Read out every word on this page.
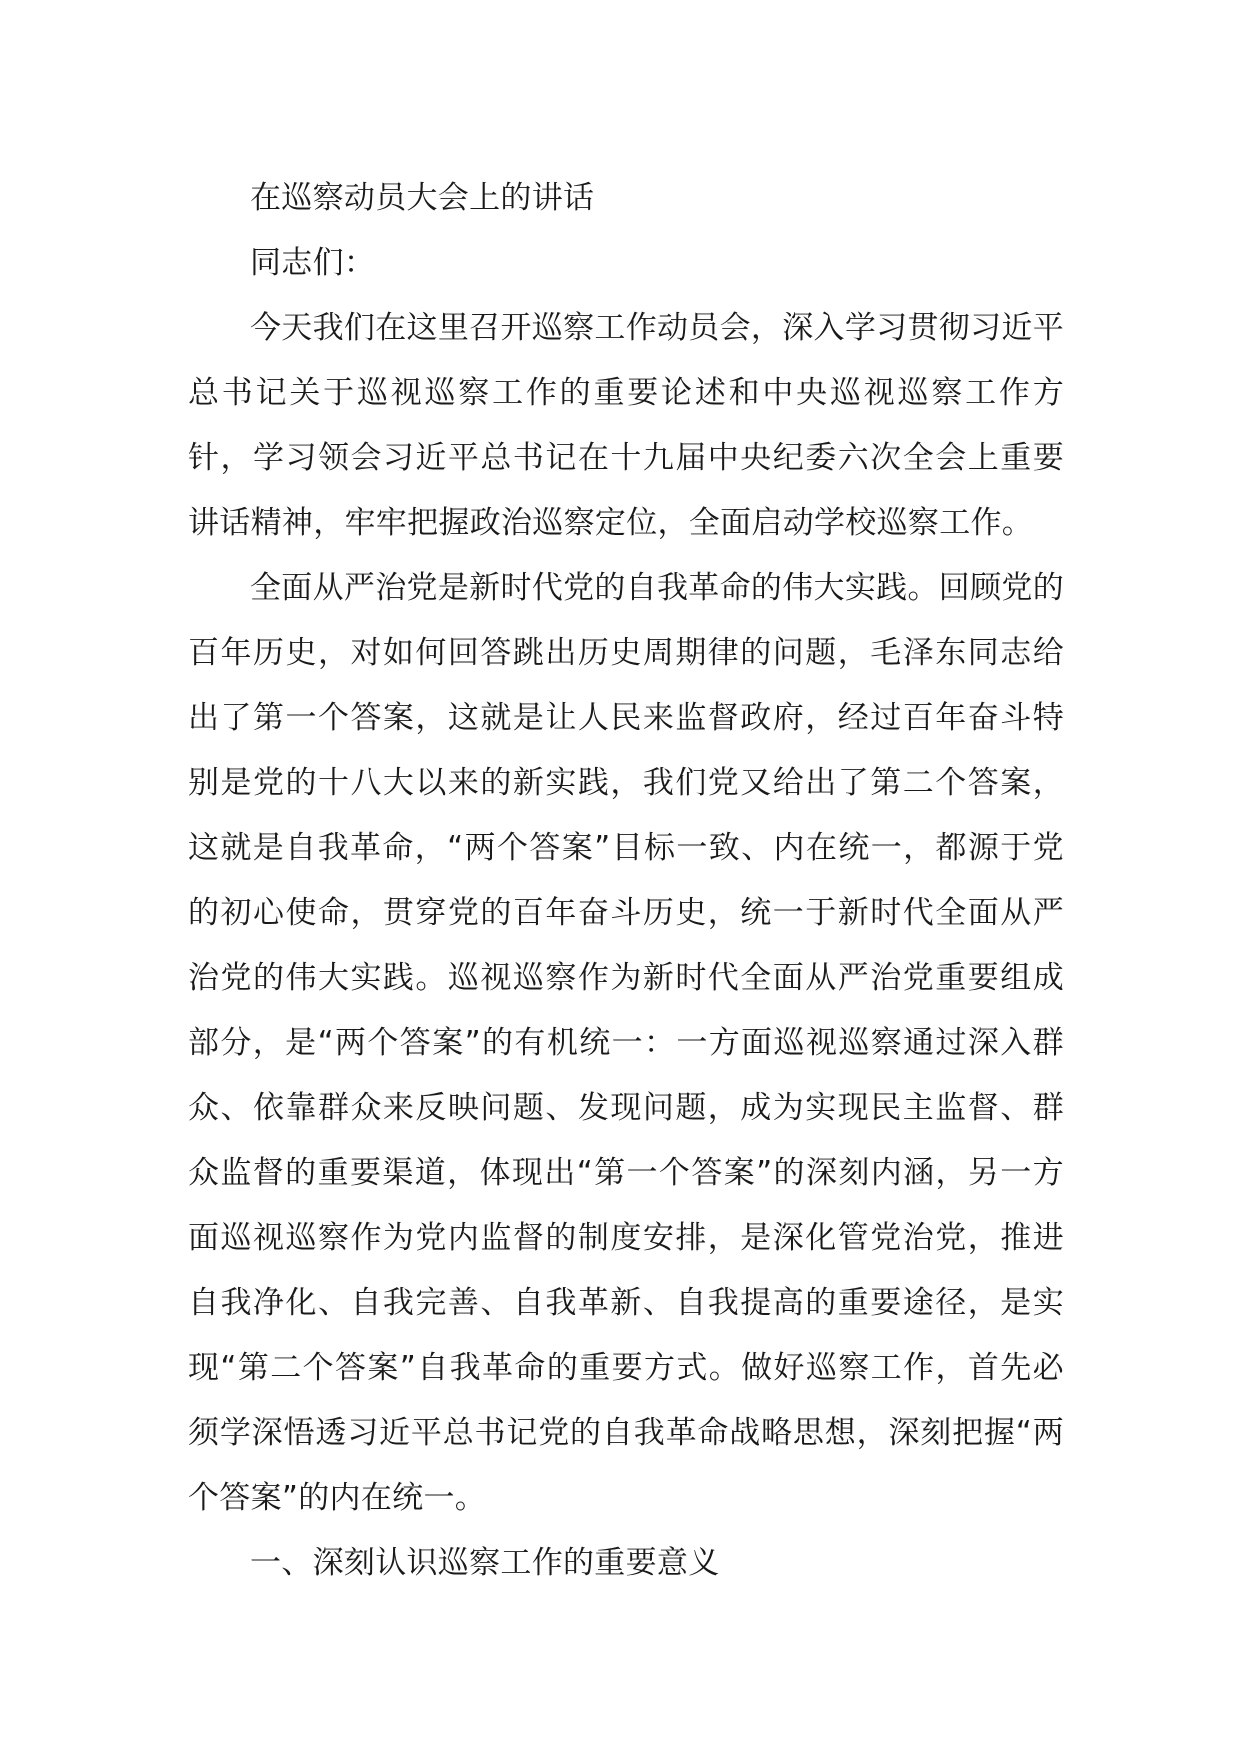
在巡察动员大会上的讲话

同志们：

今天我们在这里召开巡察工作动员会，深入学习贯彻习近平总书记关于巡视巡察工作的重要论述和中央巡视巡察工作方针，学习领会习近平总书记在十九届中央纪委六次全会上重要讲话精神，牢牢把握政治巡察定位，全面启动学校巡察工作。

全面从严治党是新时代党的自我革命的伟大实践。回顾党的百年历史，对如何回答跳出历史周期律的问题，毛泽东同志给出了第一个答案，这就是让人民来监督政府，经过百年奋斗特别是党的十八大以来的新实践，我们党又给出了第二个答案，这就是自我革命，“两个答案”目标一致、内在统一，都源于党的初心使命，贯穿党的百年奋斗历史，统一于新时代全面从严治党的伟大实践。巡视巡察作为新时代全面从严治党重要组成部分，是“两个答案”的有机统一：一方面巡视巡察通过深入群众、依靠群众来反映问题、发现问题，成为实现民主监督、群众监督的重要渠道，体现出“第一个答案”的深刻内涵，另一方面巡视巡察作为党内监督的制度安排，是深化管党治党，推进自我净化、自我完善、自我革新、自我提高的重要途径，是实现“第二个答案”自我革命的重要方式。做好巡察工作，首先必须学深悟透习近平总书记党的自我革命战略思想，深刻把握“两个答案”的内在统一。

一、深刻认识巡察工作的重要意义
